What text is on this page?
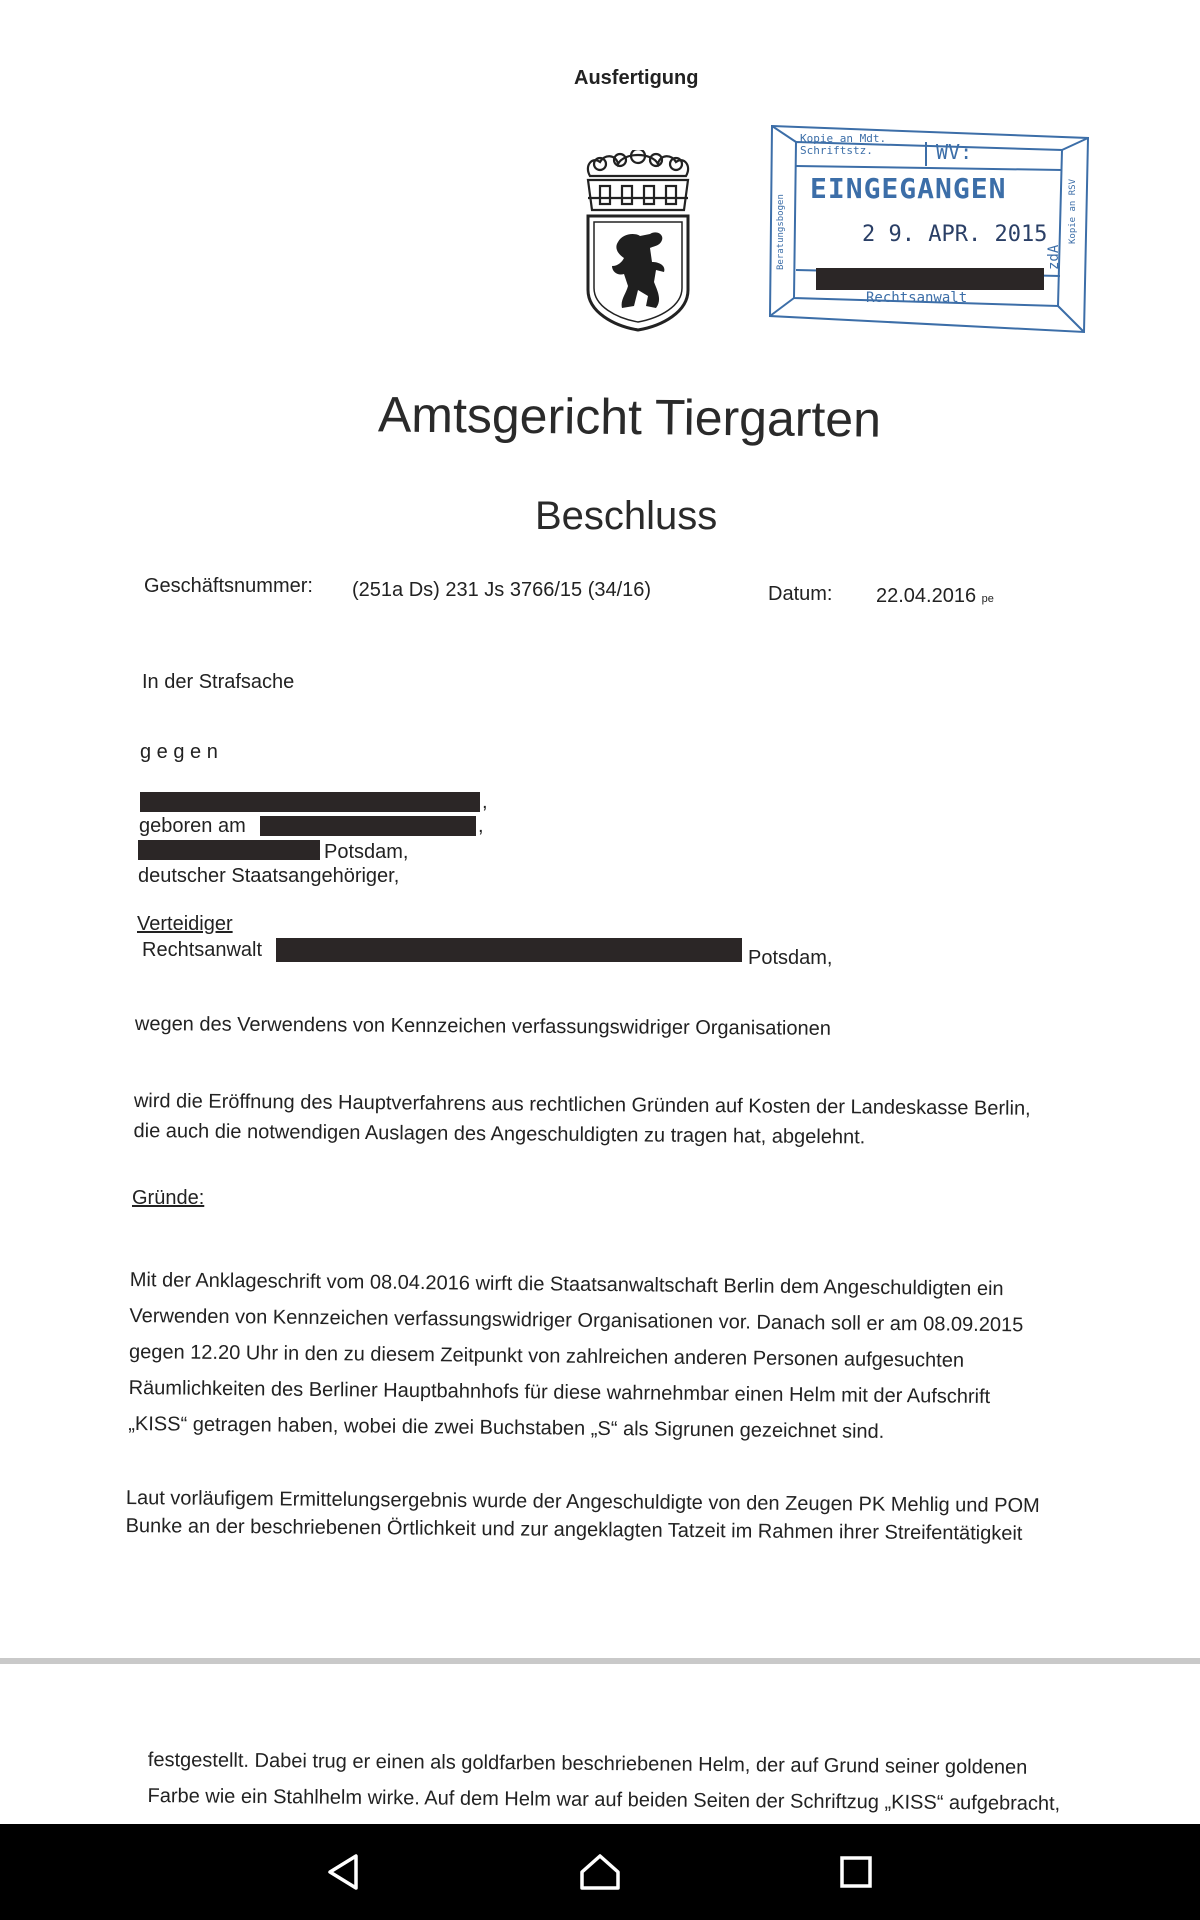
Ausfertigung
Kopie an Mdt.
Schriftstz.	WV:
EINGEGANGEN
2 9. APR. 2015
Rechtsanwalt
zdA
Kopie an RSV
Beratungsbogen
Amtsgericht Tiergarten
Beschluss
Geschäftsnummer: (251a Ds) 231 Js 3766/15 (34/16)	Datum: 22.04.2016 pe
In der Strafsache
g e g e n
,
geboren am	,
Potsdam,
deutscher Staatsangehöriger,
Verteidiger
Rechtsanwalt	Potsdam,
wegen des Verwendens von Kennzeichen verfassungswidriger Organisationen
wird die Eröffnung des Hauptverfahrens aus rechtlichen Gründen auf Kosten der Landeskasse Berlin,
die auch die notwendigen Auslagen des Angeschuldigten zu tragen hat, abgelehnt.
Gründe:
Mit der Anklageschrift vom 08.04.2016 wirft die Staatsanwaltschaft Berlin dem Angeschuldigten ein
Verwenden von Kennzeichen verfassungswidriger Organisationen vor. Danach soll er am 08.09.2015
gegen 12.20 Uhr in den zu diesem Zeitpunkt von zahlreichen anderen Personen aufgesuchten
Räumlichkeiten des Berliner Hauptbahnhofs für diese wahrnehmbar einen Helm mit der Aufschrift
„KISS“ getragen haben, wobei die zwei Buchstaben „S“ als Sigrunen gezeichnet sind.
Laut vorläufigem Ermittelungsergebnis wurde der Angeschuldigte von den Zeugen PK Mehlig und POM
Bunke an der beschriebenen Örtlichkeit und zur angeklagten Tatzeit im Rahmen ihrer Streifentätigkeit
festgestellt. Dabei trug er einen als goldfarben beschriebenen Helm, der auf Grund seiner goldenen
Farbe wie ein Stahlhelm wirke. Auf dem Helm war auf beiden Seiten der Schriftzug „KISS“ aufgebracht,
